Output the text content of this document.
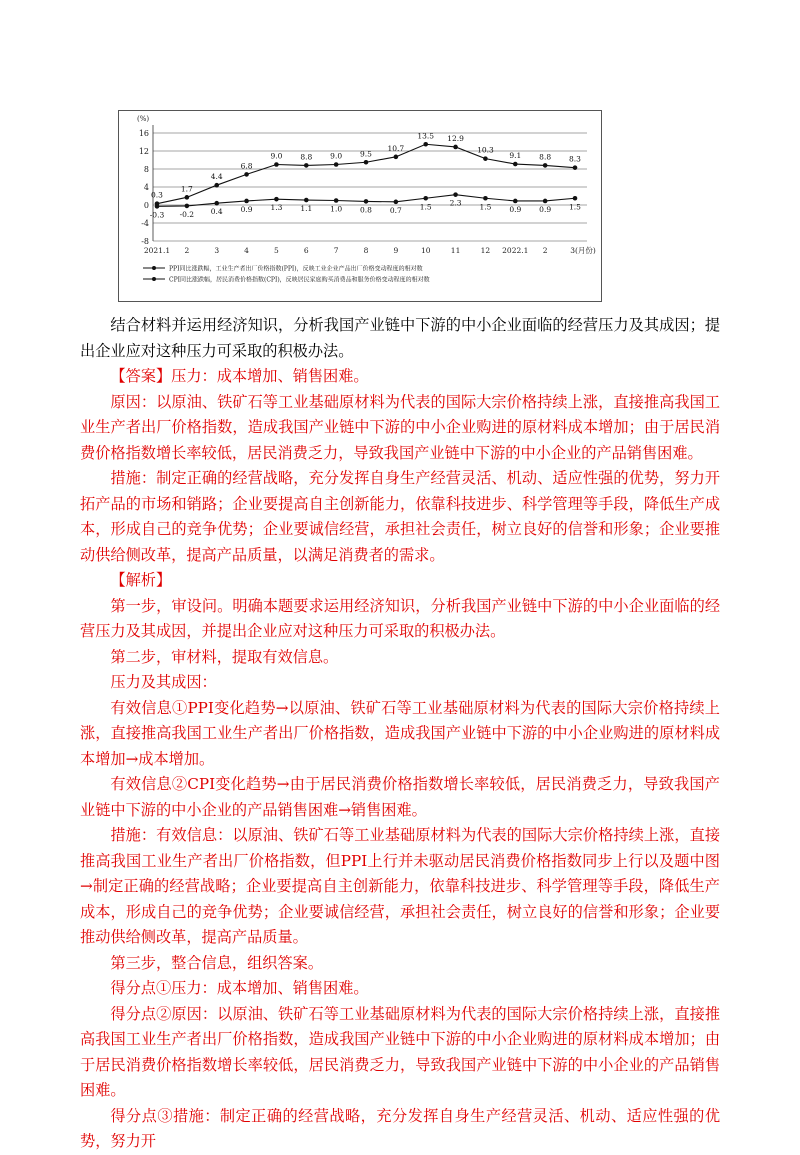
16
12
8
4
0
-4
-8
(%)
2021.1 2	3	4	5	6	7	8	9	10	11	12 2022.1 2	3(月份)
0.3
1.7
4.4
6.8
9.0 8.8 9.0 9.5
10.7
13.5 12.9
10.3
9.1 8.8 8.3
-0.3 -0.2 0.4 0.9 1.3 1.1 1.0 0.8 0.7 1.5 2.3 1.5 0.9 0.9 1.5
PPI同比涨跌幅，工业生产者出厂价格指数(PPI)，反映工业企业产品出厂价格变动程度的相对数
CPI同比涨跌幅，居民消费价格指数(CPI)，反映居民家庭购买消费品和服务价格变动程度的相对数

结合材料并运用经济知识，分析我国产业链中下游的中小企业面临的经营压力及其成因；提出企业应对这种压力可采取的积极办法。

【答案】压力：成本增加、销售困难。

原因：以原油、铁矿石等工业基础原材料为代表的国际大宗价格持续上涨，直接推高我国工业生产者出厂价格指数，造成我国产业链中下游的中小企业购进的原材料成本增加；由于居民消费价格指数增长率较低，居民消费乏力，导致我国产业链中下游的中小企业的产品销售困难。

措施：制定正确的经营战略，充分发挥自身生产经营灵活、机动、适应性强的优势，努力开拓产品的市场和销路；企业要提高自主创新能力，依靠科技进步、科学管理等手段，降低生产成本，形成自己的竞争优势；企业要诚信经营，承担社会责任，树立良好的信誉和形象；企业要推动供给侧改革，提高产品质量，以满足消费者的需求。

【解析】

第一步，审设问。明确本题要求运用经济知识，分析我国产业链中下游的中小企业面临的经营压力及其成因，并提出企业应对这种压力可采取的积极办法。

第二步，审材料，提取有效信息。

压力及其成因：

有效信息①PPI变化趋势→以原油、铁矿石等工业基础原材料为代表的国际大宗价格持续上涨，直接推高我国工业生产者出厂价格指数，造成我国产业链中下游的中小企业购进的原材料成本增加→成本增加。

有效信息②CPI变化趋势→由于居民消费价格指数增长率较低，居民消费乏力，导致我国产业链中下游的中小企业的产品销售困难→销售困难。

措施：有效信息：以原油、铁矿石等工业基础原材料为代表的国际大宗价格持续上涨，直接推高我国工业生产者出厂价格指数，但PPI上行并未驱动居民消费价格指数同步上行以及题中图→制定正确的经营战略；企业要提高自主创新能力，依靠科技进步、科学管理等手段，降低生产成本，形成自己的竞争优势；企业要诚信经营，承担社会责任，树立良好的信誉和形象；企业要推动供给侧改革，提高产品质量。

第三步，整合信息，组织答案。

得分点①压力：成本增加、销售困难。

得分点②原因：以原油、铁矿石等工业基础原材料为代表的国际大宗价格持续上涨，直接推高我国工业生产者出厂价格指数，造成我国产业链中下游的中小企业购进的原材料成本增加；由于居民消费价格指数增长率较低，居民消费乏力，导致我国产业链中下游的中小企业的产品销售困难。

得分点③措施：制定正确的经营战略，充分发挥自身生产经营灵活、机动、适应性强的优势，努力开
